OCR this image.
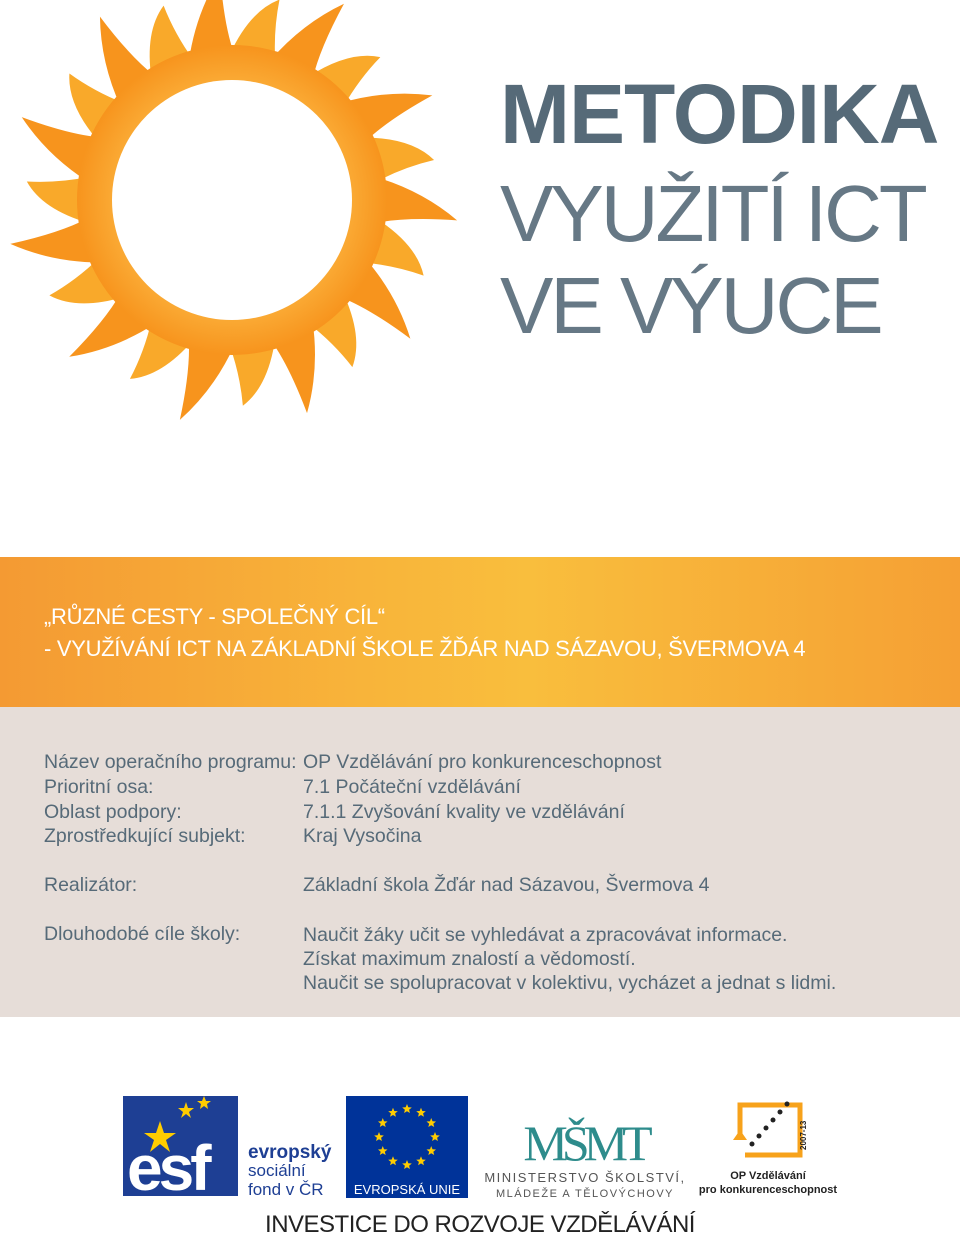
METODIKA
VYUŽITÍ ICT
VE VÝUCE

„RŮZNÉ CESTY - SPOLEČNÝ CÍL“

- VYUŽÍVÁNÍ ICT NA ZÁKLADNÍ ŠKOLE ŽĎÁR NAD SÁZAVOU, ŠVERMOVA 4

Název operačního programu: OP Vzdělávání pro konkurenceschopnost
Prioritní osa:	7.1 Počáteční vzdělávání
Oblast podpory:	7.1.1 Zvyšování kvality ve vzdělávání
Zprostředkující subjekt:	Kraj Vysočina
Realizátor:	Základní škola Žďár nad Sázavou, Švermova 4
Dlouhodobé cíle školy:	Naučit žáky učit se vyhledávat a zpracovávat informace.
Získat maximum znalostí a vědomostí.
Naučit se spolupracovat v kolektivu, vycházet a jednat s lidmi.
esf evropský
sociální
fond v ČR EVROPSKÁ UNIE
MŠMT
MINISTERSTVO ŠKOLSTVÍ,
MLÁDEŽE A TĚLOVÝCHOVY
2007-13
OP Vzdělávání
pro konkurenceschopnost
INVESTICE DO ROZVOJE VZDĚLÁVÁNÍ
